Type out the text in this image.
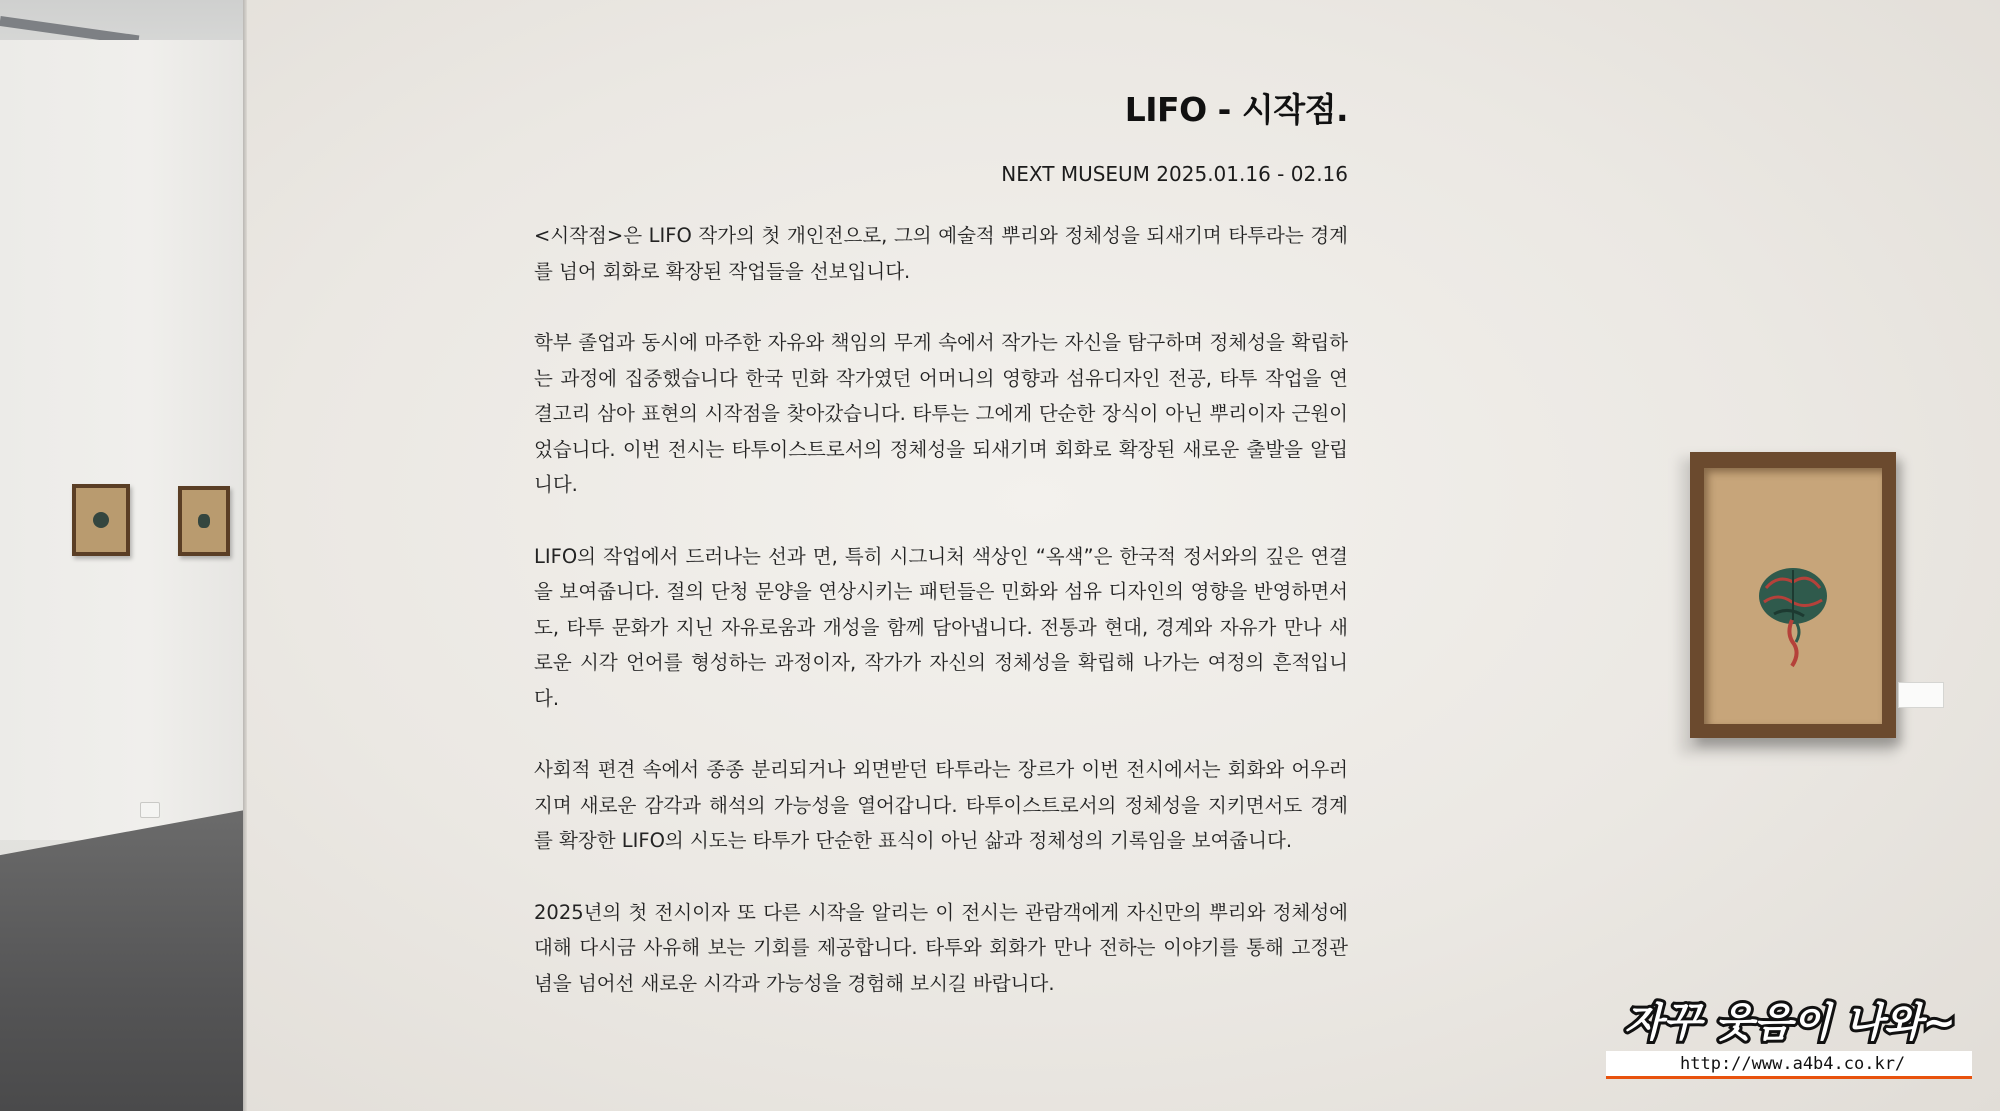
LIFO - 시작점.
NEXT MUSEUM 2025.01.16 - 02.16

<시작점>은 LIFO 작가의 첫 개인전으로, 그의 예술적 뿌리와 정체성을 되새기며 타투라는 경계를 넘어 회화로 확장된 작업들을 선보입니다.

학부 졸업과 동시에 마주한 자유와 책임의 무게 속에서 작가는 자신을 탐구하며 정체성을 확립하는 과정에 집중했습니다 한국 민화 작가였던 어머니의 영향과 섬유디자인 전공, 타투 작업을 연결고리 삼아 표현의 시작점을 찾아갔습니다. 타투는 그에게 단순한 장식이 아닌 뿌리이자 근원이었습니다. 이번 전시는 타투이스트로서의 정체성을 되새기며 회화로 확장된 새로운 출발을 알립니다.

LIFO의 작업에서 드러나는 선과 면, 특히 시그니처 색상인 “옥색”은 한국적 정서와의 깊은 연결을 보여줍니다. 절의 단청 문양을 연상시키는 패턴들은 민화와 섬유 디자인의 영향을 반영하면서도, 타투 문화가 지닌 자유로움과 개성을 함께 담아냅니다. 전통과 현대, 경계와 자유가 만나 새로운 시각 언어를 형성하는 과정이자, 작가가 자신의 정체성을 확립해 나가는 여정의 흔적입니다.

사회적 편견 속에서 종종 분리되거나 외면받던 타투라는 장르가 이번 전시에서는 회화와 어우러지며 새로운 감각과 해석의 가능성을 열어갑니다. 타투이스트로서의 정체성을 지키면서도 경계를 확장한 LIFO의 시도는 타투가 단순한 표식이 아닌 삶과 정체성의 기록임을 보여줍니다.

2025년의 첫 전시이자 또 다른 시작을 알리는 이 전시는 관람객에게 자신만의 뿌리와 정체성에 대해 다시금 사유해 보는 기회를 제공합니다. 타투와 회화가 만나 전하는 이야기를 통해 고정관념을 넘어선 새로운 시각과 가능성을 경험해 보시길 바랍니다.

자꾸 웃음이 나와~
http://www.a4b4.co.kr/
